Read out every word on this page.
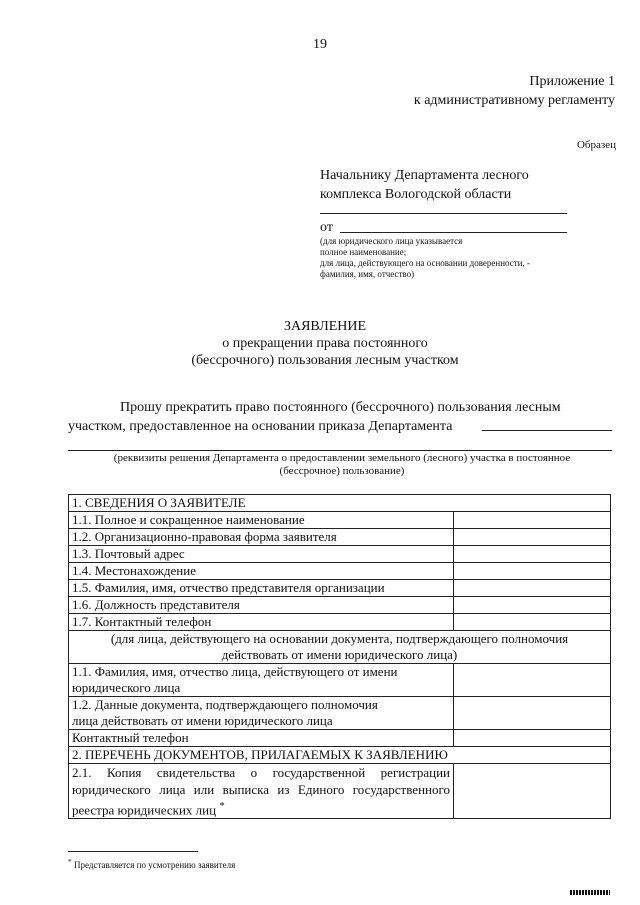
19
Приложение 1
к административному регламенту
Образец
Начальнику Департамента лесного
комплекса Вологодской области
от
(для юридического лица указывается
полное наименование;
для лица, действующего на основании доверенности, -
фамилия, имя, отчество)
ЗАЯВЛЕНИЕ
о прекращении права постоянного
(бессрочного) пользования лесным участком
Прошу прекратить право постоянного (бессрочного) пользования лесным
участком, предоставленное на основании приказа Департамента
(реквизиты решения Департамента о предоставлении земельного (лесного) участка в постоянное
(бессрочное) пользование)
1. СВЕДЕНИЯ О ЗАЯВИТЕЛЕ	
1.1. Полное и сокращенное наименование	
1.2. Организационно-правовая форма заявителя	
1.3. Почтовый адрес	
1.4. Местонахождение	
1.5. Фамилия, имя, отчество представителя организации	
1.6. Должность представителя	
1.7. Контактный телефон	

(для лица, действующего на основании документа, подтверждающего полномочия
действовать от имени юридического лица)	

1.1. Фамилия, имя, отчество лица, действующего от имени
юридического лица	

1.2. Данные документа, подтверждающего полномочия
лица действовать от имени юридического лица	

Контактный телефон	
2. ПЕРЕЧЕНЬ ДОКУМЕНТОВ, ПРИЛАГАЕМЫХ К ЗАЯВЛЕНИЮ	
2.1. Копия свидетельства о государственной регистрации юридического лица или выписка из Единого государственного реестра юридических лиц *	
* Представляется по усмотрению заявителя
